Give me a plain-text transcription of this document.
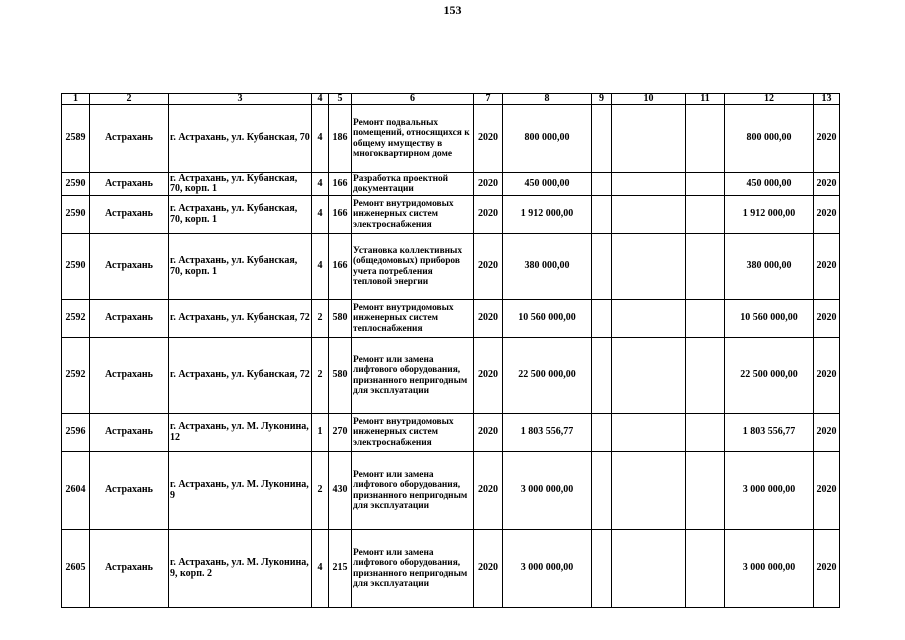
153
1	2	3	4	5	6	7	8	9	10	11	12	13
2589	Астрахань	г. Астрахань, ул. Кубанская, 70	4	186	Ремонт подвальных помещений, относящихся к общему имуществу в многоквартирном доме	2020	800 000,00				800 000,00	2020
2590	Астрахань	г. Астрахань, ул. Кубанская, 70, корп. 1	4	166	Разработка проектной документации	2020	450 000,00				450 000,00	2020
2590	Астрахань	г. Астрахань, ул. Кубанская, 70, корп. 1	4	166	Ремонт внутридомовых инженерных систем электроснабжения	2020	1 912 000,00				1 912 000,00	2020
2590	Астрахань	г. Астрахань, ул. Кубанская, 70, корп. 1	4	166	Установка коллективных (общедомовых) приборов учета потребления тепловой энергии	2020	380 000,00				380 000,00	2020
2592	Астрахань	г. Астрахань, ул. Кубанская, 72	2	580	Ремонт внутридомовых инженерных систем теплоснабжения	2020	10 560 000,00				10 560 000,00	2020
2592	Астрахань	г. Астрахань, ул. Кубанская, 72	2	580	Ремонт или замена лифтового оборудования, признанного непригодным для эксплуатации	2020	22 500 000,00				22 500 000,00	2020
2596	Астрахань	г. Астрахань, ул. М. Луконина, 12	1	270	Ремонт внутридомовых инженерных систем электроснабжения	2020	1 803 556,77				1 803 556,77	2020
2604	Астрахань	г. Астрахань, ул. М. Луконина, 9	2	430	Ремонт или замена лифтового оборудования, признанного непригодным для эксплуатации	2020	3 000 000,00				3 000 000,00	2020
2605	Астрахань	г. Астрахань, ул. М. Луконина, 9, корп. 2	4	215	Ремонт или замена лифтового оборудования, признанного непригодным для эксплуатации	2020	3 000 000,00				3 000 000,00	2020
